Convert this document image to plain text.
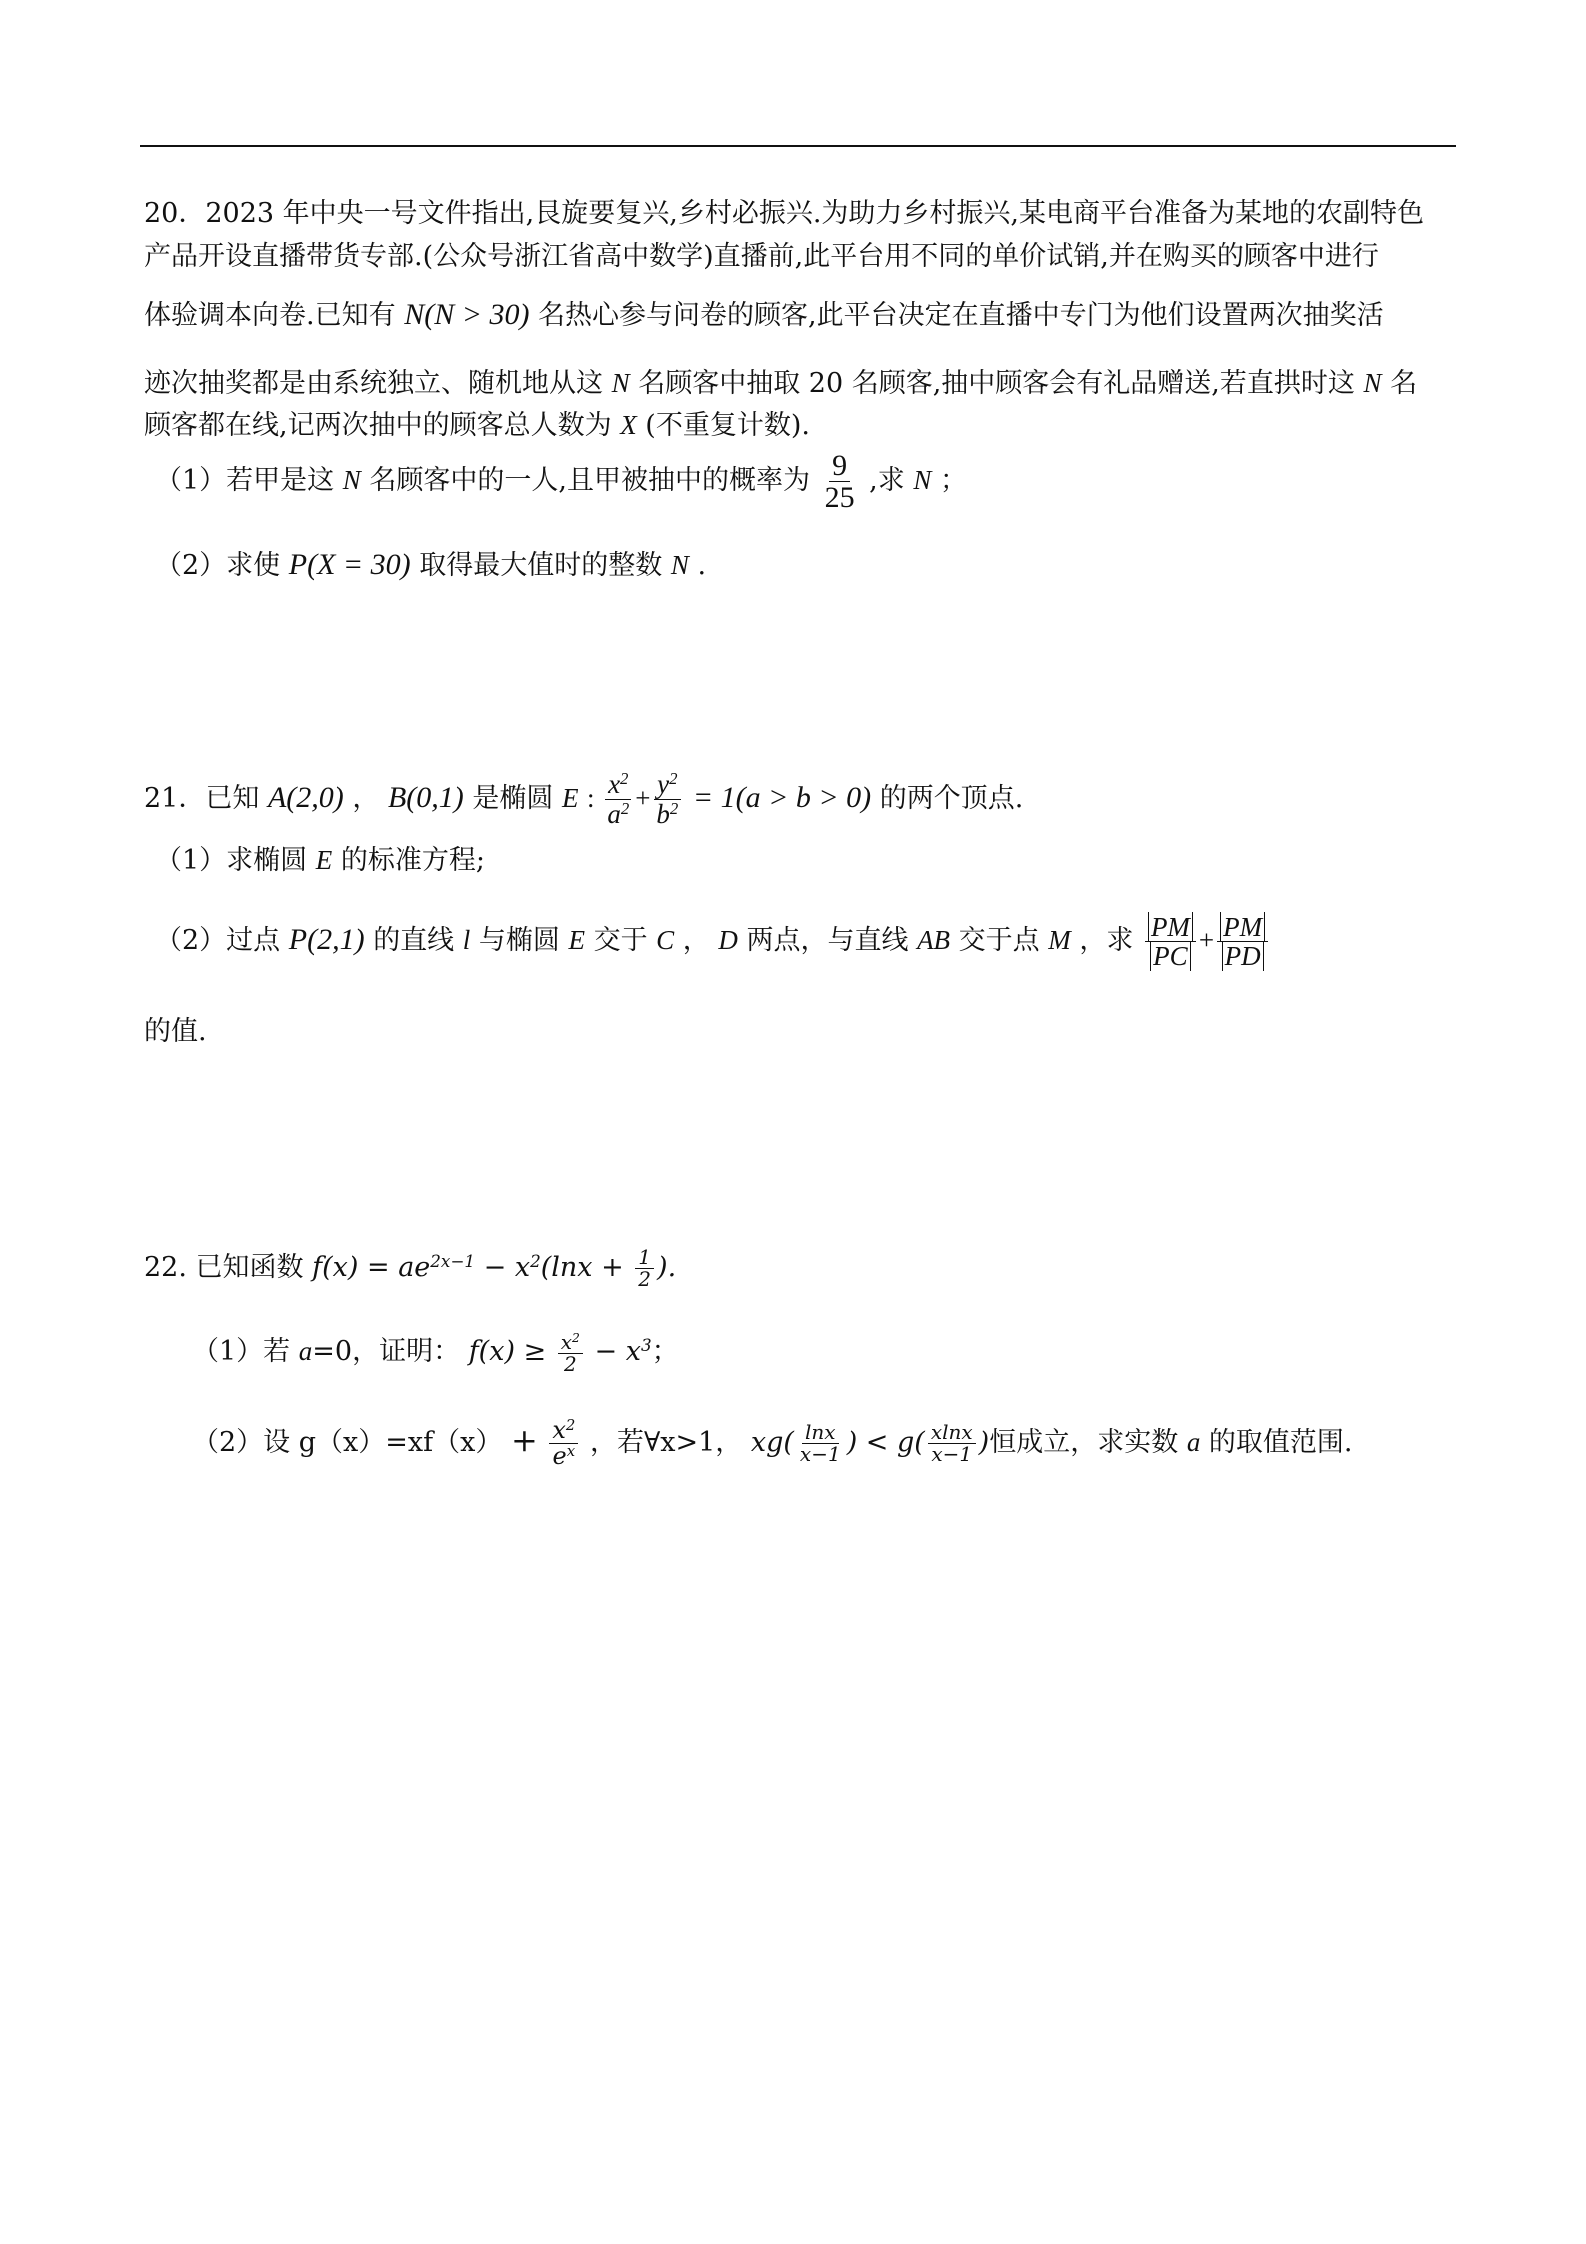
20．2023 年中央一号文件指出,艮旋要复兴,乡村必振兴.为助力乡村振兴,某电商平台准备为某地的农副特色
产品开设直播带货专部.(公众号浙江省高中数学)直播前,此平台用不同的单价试销,并在购买的顾客中进行
体验调本向卷.已知有 N(N > 30) 名热心参与问卷的顾客,此平台决定在直播中专门为他们设置两次抽奖活
迹次抽奖都是由系统独立、随机地从这 N 名顾客中抽取 20 名顾客,抽中顾客会有礼品赠送,若直拱时这 N 名
顾客都在线,记两次抽中的顾客总人数为 X (不重复计数).
（1）若甲是这 N 名顾客中的一人,且甲被抽中的概率为 $\frac{9}{25}$ ,求 N ；
（2）求使 P(X = 30) 取得最大值时的整数 N .
21．已知 A(2,0) ， B(0,1) 是椭圆 E : $\frac{x^2}{a^2} + \frac{y^2}{b^2} = 1(a > b > 0)$ 的两个顶点.
（1）求椭圆 E 的标准方程;
（2）过点 P(2,1) 的直线 l 与椭圆 E 交于 C ， D 两点，与直线 AB 交于点 M ，求 $\frac{PM}{PC} + \frac{PM}{PD}$
的值.
22. 已知函数 $f(x) = ae^{2x-1} - x^2(\ln x + \frac{1}{2}$ ).
（1）若 a=0，证明： $f(x) \ge \frac{x^2}{2} - x^3$；
（2）设 $g(x)=xf(x) + \frac{x^2}{e^x}$ ，若∀x>1， $xg( \frac{\ln x}{x-1}$ ) < $g( \frac{xlnx}{x-1}$ )恒成立，求实数 a 的取值范围.
